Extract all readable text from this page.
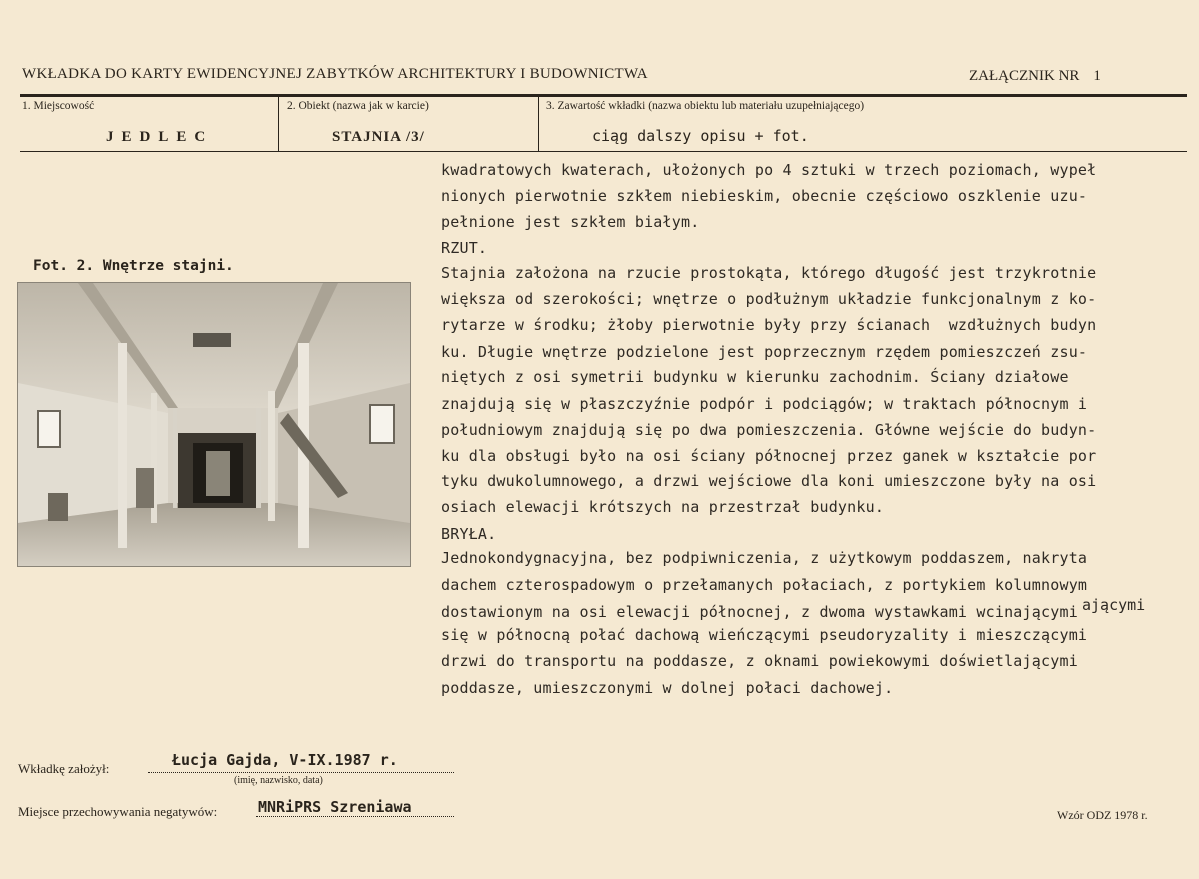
WKŁADKA DO KARTY EWIDENCYJNEJ ZABYTKÓW ARCHITEKTURY I BUDOWNICTWA	ZAŁĄCZNIK NR 1
1. Miejscowość
JEDLEC
2. Obiekt (nazwa jak w karcie)
STAJNIA /3/
3. Zawartość wkładki (nazwa obiektu lub materiału uzupełniającego)
ciąg dalszy opisu + fot.
Fot. 2. Wnętrze stajni.
kwadratowych kwaterach, ułożonych po 4 sztuki w trzech poziomach, wypeł
nionych pierwotnie szkłem niebieskim, obecnie częściowo oszklenie uzu-
pełnione jest szkłem białym.
RZUT.
Stajnia założona na rzucie prostokąta, którego długość jest trzykrotnie
większa od szerokości; wnętrze o podłużnym układzie funkcjonalnym z ko-
rytarze w środku; żłoby pierwotnie były przy ścianach  wzdłużnych budyn
ku. Długie wnętrze podzielone jest poprzecznym rzędem pomieszczeń zsu-
niętych z osi symetrii budynku w kierunku zachodnim. Ściany działowe
znajdują się w płaszczyźnie podpór i podciągów; w traktach północnym i
południowym znajdują się po dwa pomieszczenia. Główne wejście do budyn-
ku dla obsługi było na osi ściany północnej przez ganek w kształcie por
tyku dwukolumnowego, a drzwi wejściowe dla koni umieszczone były na osi
osiach elewacji krótszych na przestrzał budynku.
BRYŁA.
Jednokondygnacyjna, bez podpiwniczenia, z użytkowym poddaszem, nakryta
dachem czterospadowym o przełamanych połaciach, z portykiem kolumnowym
dostawionym na osi elewacji północnej, z dwoma wystawkami wcinającymi
się w północną połać dachową wieńczącymi pseudoryzality i mieszczącymi
drzwi do transportu na poddasze, z oknami powiekowymi doświetlającymi
poddasze, umieszczonymi w dolnej połaci dachowej.
ającymi
Wkładkę założył:	Łucja Gajda, V-IX.1987 r.
(imię, nazwisko, data)
Miejsce przechowywania negatywów:	MNRiPRS Szreniawa	Wzór ODZ 1978 r.
